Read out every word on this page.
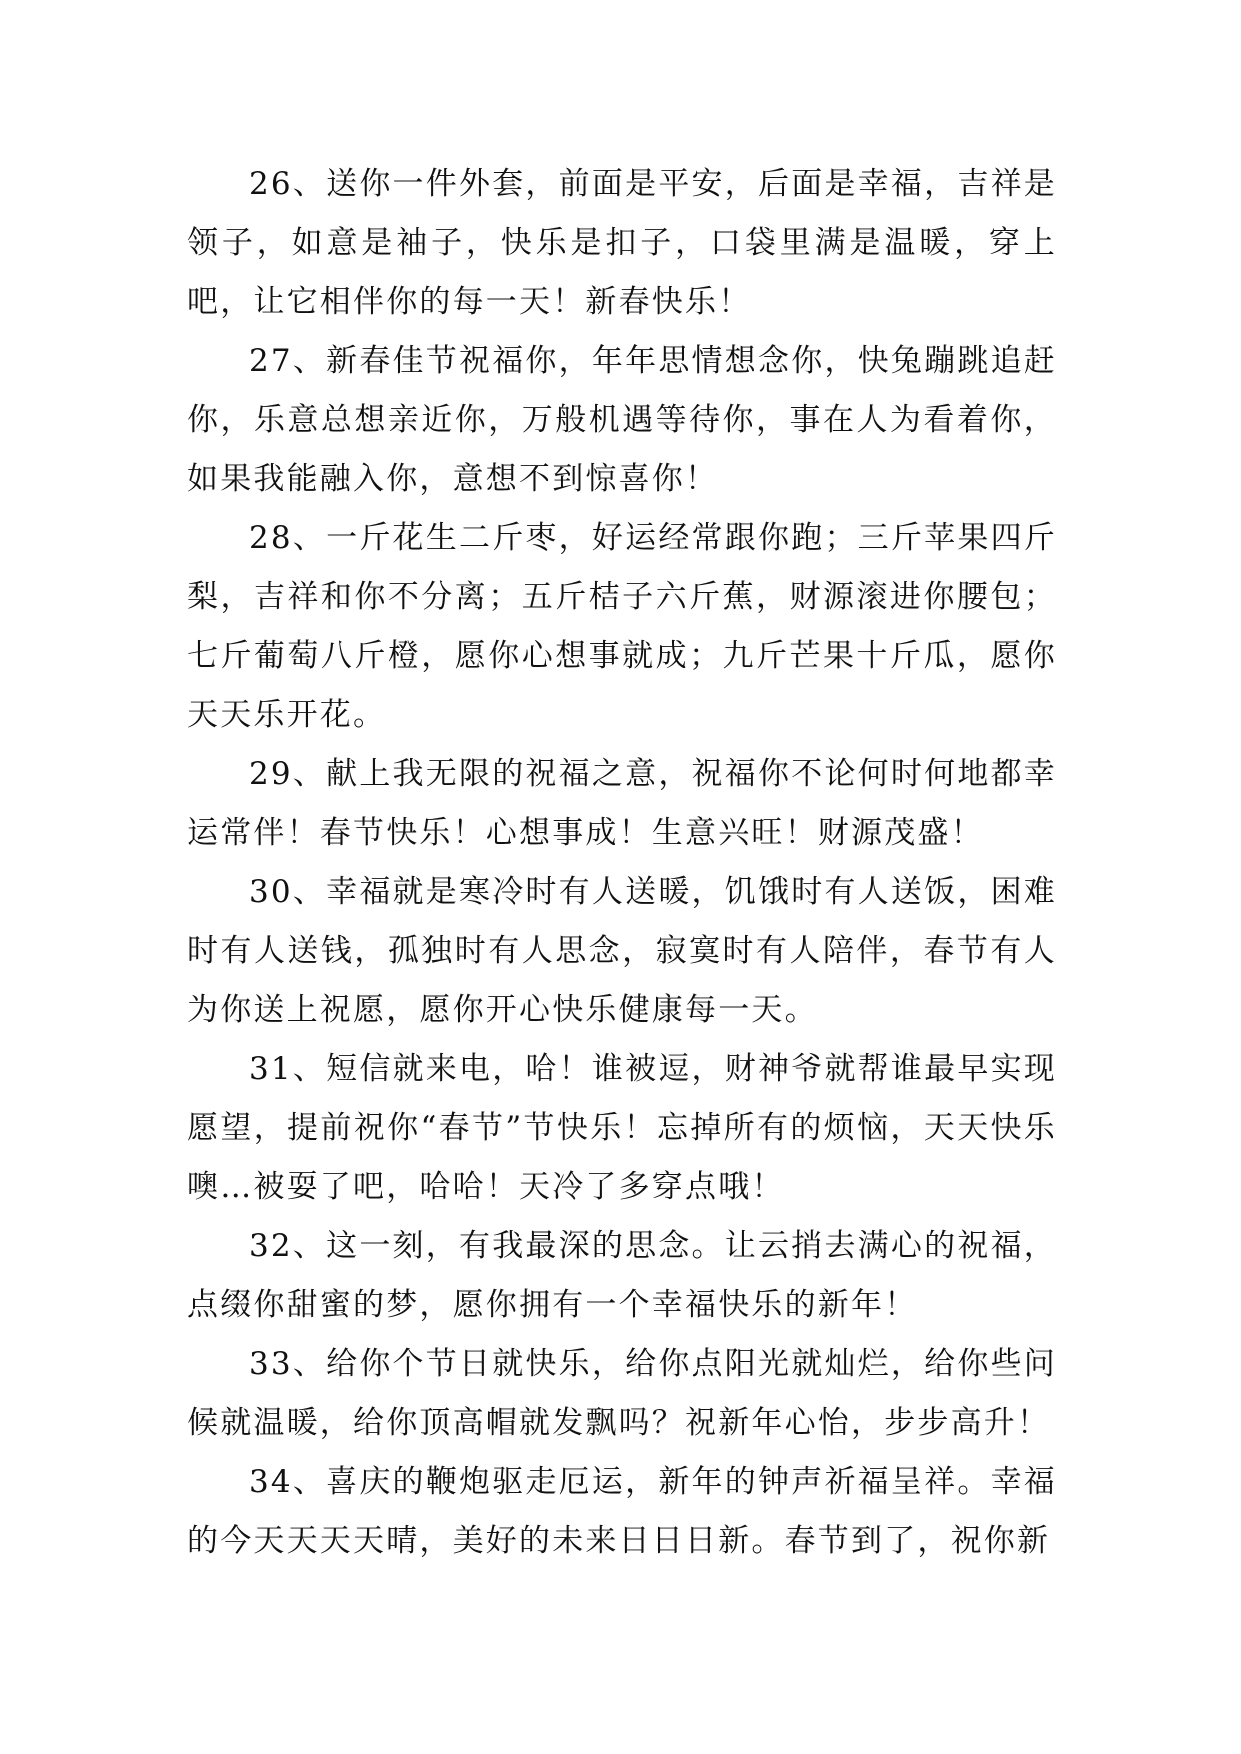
26、送你一件外套，前面是平安，后面是幸福，吉祥是领子，如意是袖子，快乐是扣子，口袋里满是温暖，穿上吧，让它相伴你的每一天！新春快乐！

27、新春佳节祝福你，年年思情想念你，快兔蹦跳追赶你，乐意总想亲近你，万般机遇等待你，事在人为看着你，如果我能融入你，意想不到惊喜你！

28、一斤花生二斤枣，好运经常跟你跑；三斤苹果四斤梨，吉祥和你不分离；五斤桔子六斤蕉，财源滚进你腰包；七斤葡萄八斤橙，愿你心想事就成；九斤芒果十斤瓜，愿你天天乐开花。

29、献上我无限的祝福之意，祝福你不论何时何地都幸运常伴！春节快乐！心想事成！生意兴旺！财源茂盛！

30、幸福就是寒冷时有人送暖，饥饿时有人送饭，困难时有人送钱，孤独时有人思念，寂寞时有人陪伴，春节有人为你送上祝愿，愿你开心快乐健康每一天。

31、短信就来电，哈！谁被逗，财神爷就帮谁最早实现愿望，提前祝你“春节”节快乐！忘掉所有的烦恼，天天快乐噢…被耍了吧，哈哈！天冷了多穿点哦！

32、这一刻，有我最深的思念。让云捎去满心的祝福，点缀你甜蜜的梦，愿你拥有一个幸福快乐的新年！

33、给你个节日就快乐，给你点阳光就灿烂，给你些问候就温暖，给你顶高帽就发飘吗？祝新年心怡，步步高升！

34、喜庆的鞭炮驱走厄运，新年的钟声祈福呈祥。幸福的今天天天天晴，美好的未来日日日新。春节到了，祝你新
